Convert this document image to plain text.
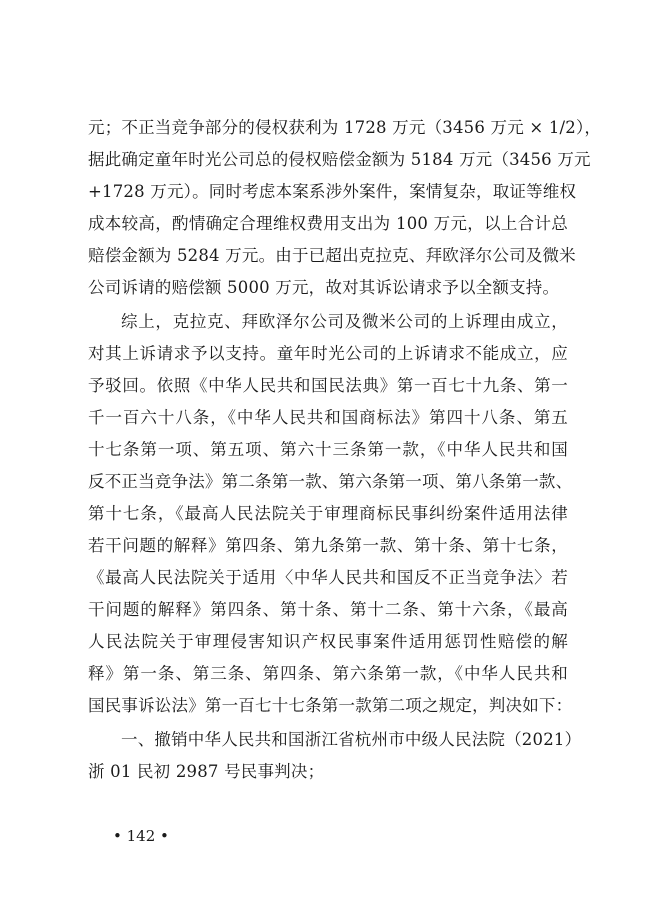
元；不正当竞争部分的侵权获利为 1728 万元（3456 万元 × 1/2），
据此确定童年时光公司总的侵权赔偿金额为 5184 万元（3456 万元
+1728 万元）。同时考虑本案系涉外案件，案情复杂，取证等维权
成本较高，酌情确定合理维权费用支出为 100 万元，以上合计总
赔偿金额为 5284 万元。由于已超出克拉克、拜欧泽尔公司及微米
公司诉请的赔偿额 5000 万元，故对其诉讼请求予以全额支持。
综上，克拉克、拜欧泽尔公司及微米公司的上诉理由成立，
对其上诉请求予以支持。童年时光公司的上诉请求不能成立，应
予驳回。依照《中华人民共和国民法典》第一百七十九条、第一
千一百六十八条，《中华人民共和国商标法》第四十八条、第五
十七条第一项、第五项、第六十三条第一款，《中华人民共和国
反不正当竞争法》第二条第一款、第六条第一项、第八条第一款、
第十七条，《最高人民法院关于审理商标民事纠纷案件适用法律
若干问题的解释》第四条、第九条第一款、第十条、第十七条，
《最高人民法院关于适用〈中华人民共和国反不正当竞争法〉若
干问题的解释》第四条、第十条、第十二条、第十六条，《最高
人民法院关于审理侵害知识产权民事案件适用惩罚性赔偿的解
释》第一条、第三条、第四条、第六条第一款，《中华人民共和
国民事诉讼法》第一百七十七条第一款第二项之规定，判决如下：
一、撤销中华人民共和国浙江省杭州市中级人民法院（2021）
浙 01 民初 2987 号民事判决；
• 142 •
